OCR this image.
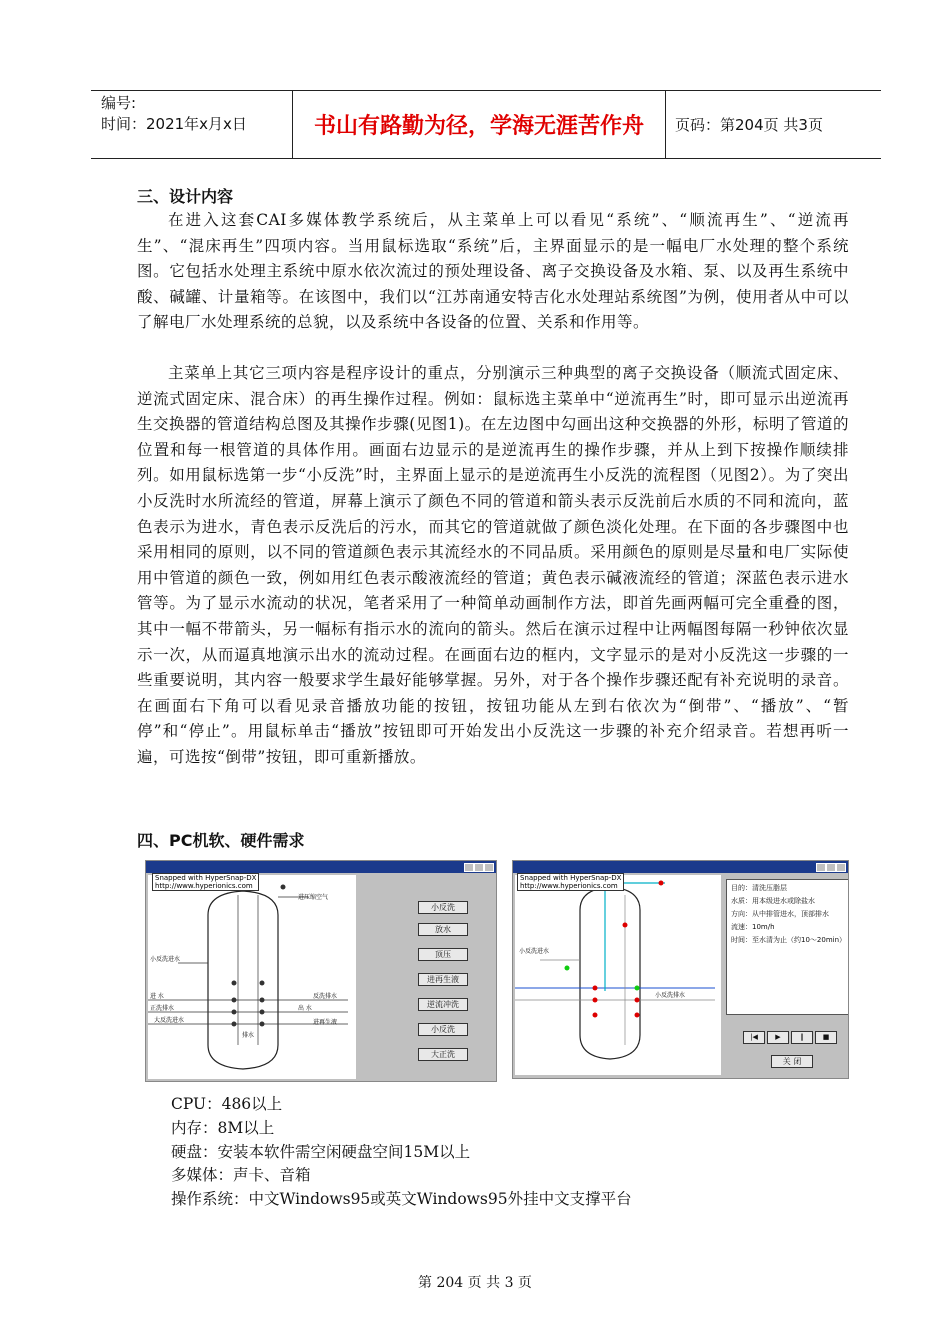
编号:
时间：2021年x月x日	书山有路勤为径，学海无涯苦作舟	页码：第204页 共3页
三、设计内容

在进入这套CAI多媒体教学系统后，从主菜单上可以看见“系统”、“顺流再生”、“逆流再生”、“混床再生”四项内容。当用鼠标选取“系统”后，主界面显示的是一幅电厂水处理的整个系统图。它包括水处理主系统中原水依次流过的预处理设备、离子交换设备及水箱、泵、以及再生系统中酸、碱罐、计量箱等。在该图中，我们以“江苏南通安特吉化水处理站系统图”为例，使用者从中可以了解电厂水处理系统的总貌，以及系统中各设备的位置、关系和作用等。

主菜单上其它三项内容是程序设计的重点，分别演示三种典型的离子交换设备（顺流式固定床、逆流式固定床、混合床）的再生操作过程。例如：鼠标选主菜单中“逆流再生”时，即可显示出逆流再生交换器的管道结构总图及其操作步骤(见图1)。在左边图中勾画出这种交换器的外形，标明了管道的位置和每一根管道的具体作用。画面右边显示的是逆流再生的操作步骤，并从上到下按操作顺续排列。如用鼠标选第一步“小反洗”时，主界面上显示的是逆流再生小反洗的流程图（见图2）。为了突出小反洗时水所流经的管道，屏幕上演示了颜色不同的管道和箭头表示反洗前后水质的不同和流向，蓝色表示为进水，青色表示反洗后的污水，而其它的管道就做了颜色淡化处理。在下面的各步骤图中也采用相同的原则，以不同的管道颜色表示其流经水的不同品质。采用颜色的原则是尽量和电厂实际使用中管道的颜色一致，例如用红色表示酸液流经的管道；黄色表示碱液流经的管道；深蓝色表示进水管等。为了显示水流动的状况，笔者采用了一种简单动画制作方法，即首先画两幅可完全重叠的图，其中一幅不带箭头，另一幅标有指示水的流向的箭头。然后在演示过程中让两幅图每隔一秒钟依次显示一次，从而逼真地演示出水的流动过程。在画面右边的框内，文字显示的是对小反洗这一步骤的一些重要说明，其内容一般要求学生最好能够掌握。另外，对于各个操作步骤还配有补充说明的录音。在画面右下角可以看见录音播放功能的按钮，按钮功能从左到右依次为“倒带”、“播放”、“暂停”和“停止”。用鼠标单击“播放”按钮即可开始发出小反洗这一步骤的补充介绍录音。若想再听一遍，可选按“倒带”按钮，即可重新播放。

四、PC机软、硬件需求
进压缩空气
小反洗进水
进 水	反洗排水
正洗排水	出 水
大反洗进水
排水
进再生液
Snapped with HyperSnap-DX
http://www.hyperionics.com
小反洗
放水
顶压
进再生液
逆流冲洗
小反洗
大正洗
小反洗进水
小反洗排水
Snapped with HyperSnap-DX
http://www.hyperionics.com	目的：清洗压脂层
水质：用本级进水或除盐水
方向：从中排管进水，顶部排水
流速：10m/h
时间：至水清为止（约10～20min）
|◀	▶	‖	■
关 闭
CPU：486以上
内存：8M以上
硬盘：安装本软件需空闲硬盘空间15M以上
多媒体：声卡、音箱
操作系统：中文Windows95或英文Windows95外挂中文支撑平台
第 204 页 共 3 页
